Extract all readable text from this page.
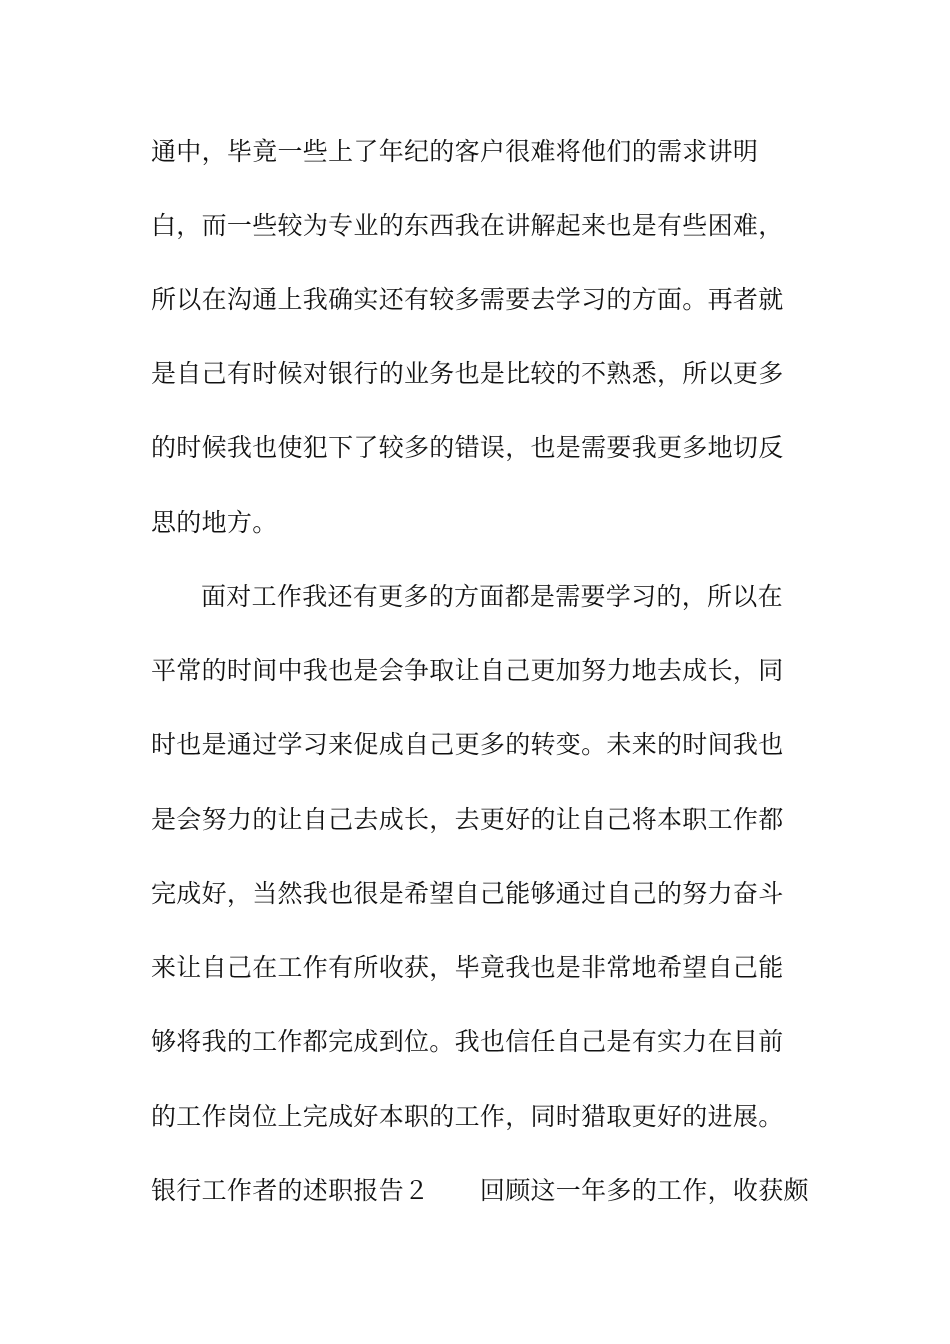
通中，毕竟一些上了年纪的客户很难将他们的需求讲明
白，而一些较为专业的东西我在讲解起来也是有些困难，
所以在沟通上我确实还有较多需要去学习的方面。再者就
是自己有时候对银行的业务也是比较的不熟悉，所以更多
的时候我也使犯下了较多的错误，也是需要我更多地切反
思的地方。
面对工作我还有更多的方面都是需要学习的，所以在
平常的时间中我也是会争取让自己更加努力地去成长，同
时也是通过学习来促成自己更多的转变。未来的时间我也
是会努力的让自己去成长，去更好的让自己将本职工作都
完成好，当然我也很是希望自己能够通过自己的努力奋斗
来让自己在工作有所收获，毕竟我也是非常地希望自己能
够将我的工作都完成到位。我也信任自己是有实力在目前
的工作岗位上完成好本职的工作，同时猎取更好的进展。
银行工作者的述职报告２　　回顾这一年多的工作，收获颇
